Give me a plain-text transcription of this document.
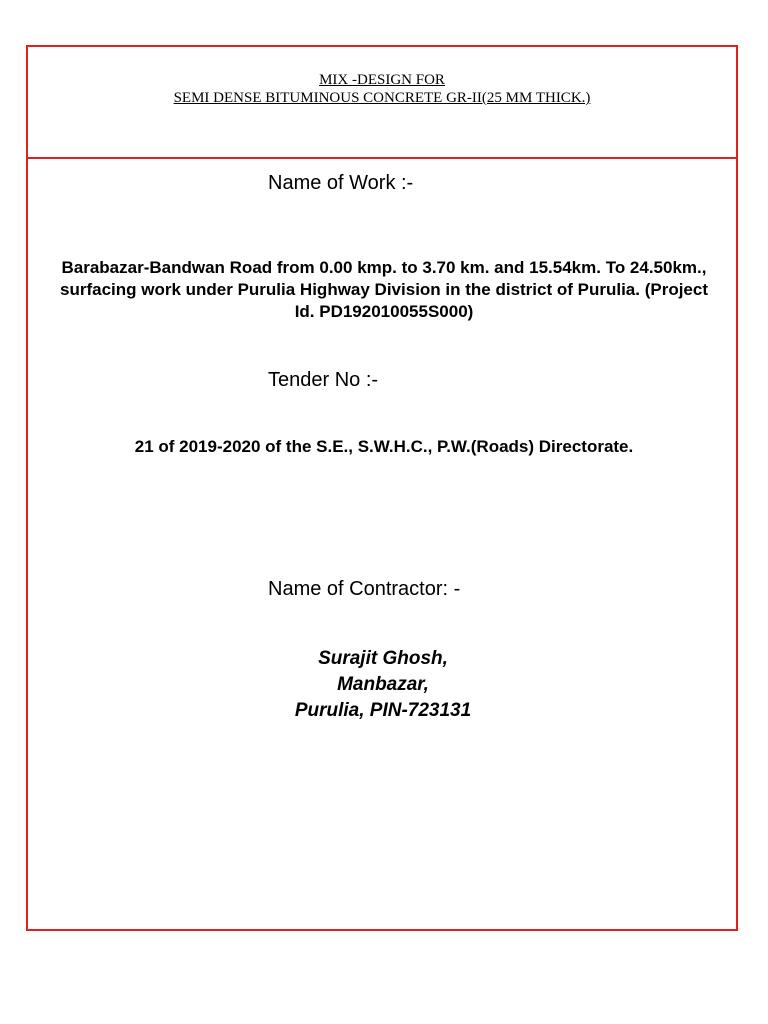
MIX -DESIGN FOR
SEMI DENSE BITUMINOUS CONCRETE GR-II(25 MM THICK.)
Name of Work :-
Barabazar-Bandwan Road from 0.00 kmp. to 3.70 km. and 15.54km. To 24.50km., surfacing work under Purulia Highway Division in the district of Purulia. (Project Id. PD192010055S000)
Tender No :-
21 of 2019-2020 of the S.E., S.W.H.C., P.W.(Roads) Directorate.
Name of Contractor: -
Surajit Ghosh,
Manbazar,
Purulia, PIN-723131
